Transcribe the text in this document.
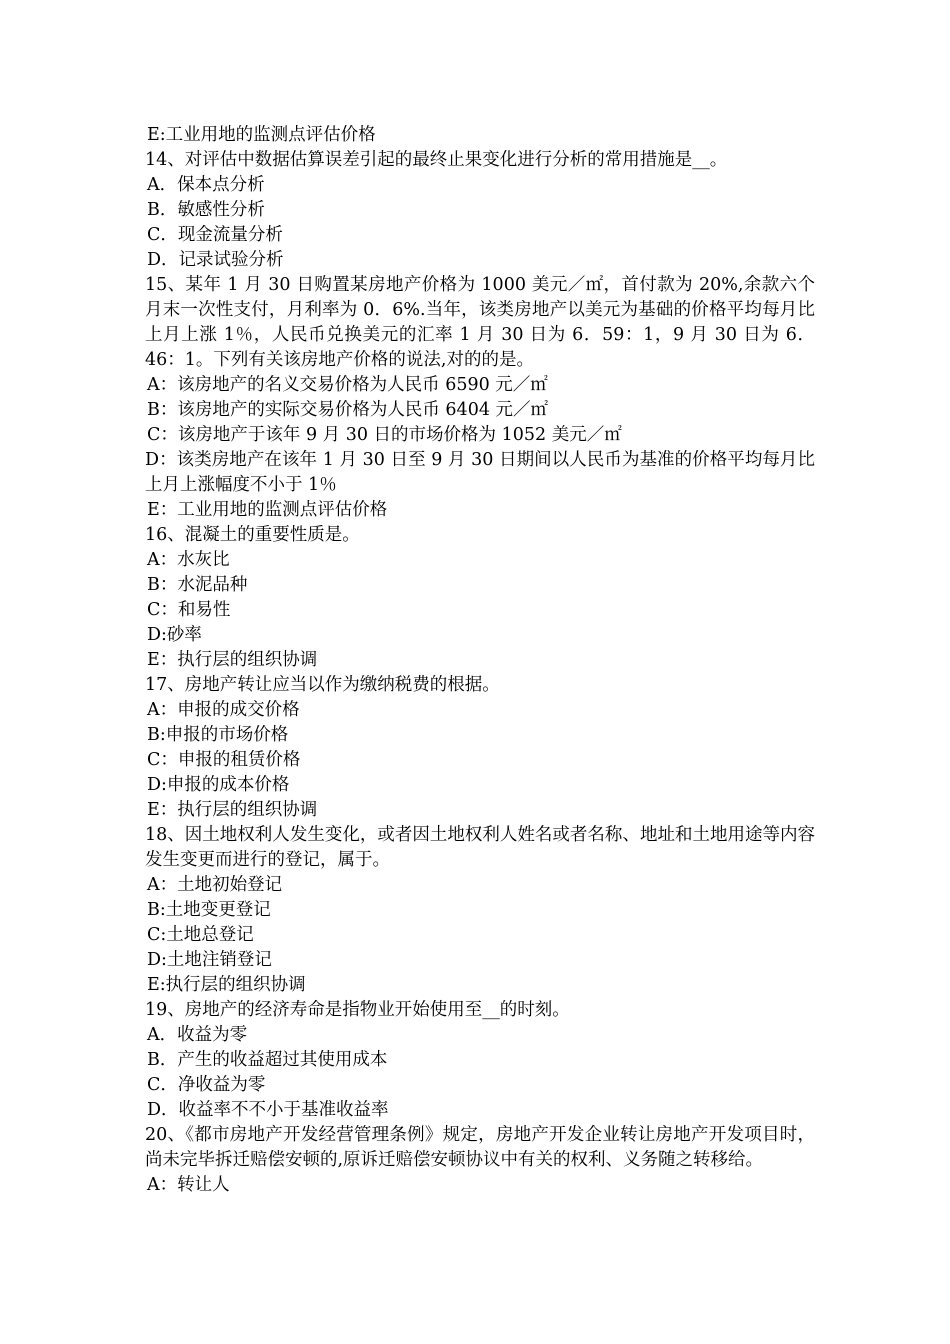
E:工业用地的监测点评估价格

14、对评估中数据估算误差引起的最终止果变化进行分析的常用措施是__。

A．保本点分析

B．敏感性分析

C．现金流量分析

D．记录试验分析

15、某年 1 月 30 日购置某房地产价格为 1000 美元／㎡，首付款为 20%,余款六个月末一次性支付，月利率为 0．6%.当年，该类房地产以美元为基础的价格平均每月比上月上涨 1％，人民币兑换美元的汇率 1 月 30 日为 6．59：1，9 月 30 日为 6．46：1。下列有关该房地产价格的说法,对的的是。

A：该房地产的名义交易价格为人民币 6590 元／㎡

B：该房地产的实际交易价格为人民币 6404 元／㎡

C：该房地产于该年 9 月 30 日的市场价格为 1052 美元／㎡

D：该类房地产在该年 1 月 30 日至 9 月 30 日期间以人民币为基准的价格平均每月比上月上涨幅度不小于 1％

E：工业用地的监测点评估价格

16、混凝土的重要性质是。

A：水灰比

B：水泥品种

C：和易性

D:砂率

E：执行层的组织协调

17、房地产转让应当以作为缴纳税费的根据。

A：申报的成交价格

B:申报的市场价格

C：申报的租赁价格

D:申报的成本价格

E：执行层的组织协调

18、因土地权利人发生变化，或者因土地权利人姓名或者名称、地址和土地用途等内容发生变更而进行的登记，属于。

A：土地初始登记

B:土地变更登记

C:土地总登记

D:土地注销登记

E:执行层的组织协调

19、房地产的经济寿命是指物业开始使用至__的时刻。

A．收益为零

B．产生的收益超过其使用成本

C．净收益为零

D．收益率不不小于基准收益率

20、《都市房地产开发经营管理条例》规定，房地产开发企业转让房地产开发项目时，尚未完毕拆迁赔偿安顿的,原诉迁赔偿安顿协议中有关的权利、义务随之转移给。

A：转让人
